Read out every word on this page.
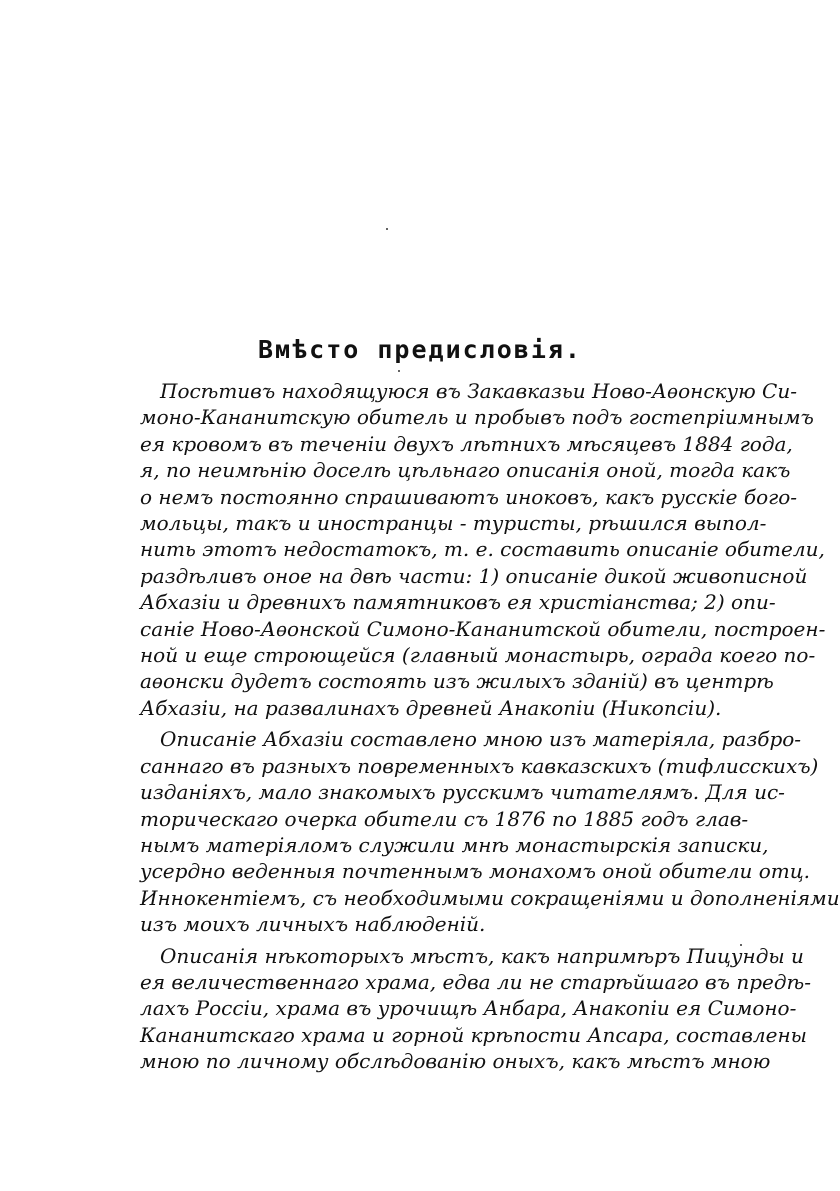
Вмѣсто предисловія.
Посѣтивъ находящуюся въ Закавказьи Ново-Аѳонскую Си-
моно-Кананитскую обитель и пробывъ подъ гостепріимнымъ
ея кровомъ въ теченіи двухъ лѣтнихъ мѣсяцевъ 1884 года,
я, по неимѣнію доселѣ цѣльнаго описанія оной, тогда какъ
о немъ постоянно спрашиваютъ иноковъ, какъ русскіе бого-
мольцы, такъ и иностранцы - туристы, рѣшился выпол-
нить этотъ недостатокъ, т. е. составить описаніе обители,
раздѣливъ оное на двѣ части: 1) описаніе дикой живописной
Абхазіи и древнихъ памятниковъ ея христіанства; 2) опи-
саніе Ново-Аѳонской Симоно-Кананитской обители, построен-
ной и еще строющейся (главный монастырь, ограда коего по-
аѳонски дудетъ состоять изъ жилыхъ зданій) въ центрѣ
Абхазіи, на развалинахъ древней Анакопіи (Никопсіи).
Описаніе Абхазіи составлено мною изъ матеріяла, разбро-
саннаго въ разныхъ повременныхъ кавказскихъ (тифлисскихъ)
изданіяхъ, мало знакомыхъ русскимъ читателямъ. Для ис-
торическаго очерка обители съ 1876 по 1885 годъ глав-
нымъ матеріяломъ служили мнѣ монастырскія записки,
усердно веденныя почтеннымъ монахомъ оной обители отц.
Иннокентіемъ, съ необходимыми сокращеніями и дополненіями
изъ моихъ личныхъ наблюденій.
Описанія нѣкоторыхъ мѣстъ, какъ напримѣръ Пицунды и
ея величественнаго храма, едва ли не старѣйшаго въ предѣ-
лахъ Россіи, храма въ урочищѣ Анбара, Анакопіи ея Симоно-
Кананитскаго храма и горной крѣпости Апсара, составлены
мною по личному обслѣдованію оныхъ, какъ мѣстъ мною
